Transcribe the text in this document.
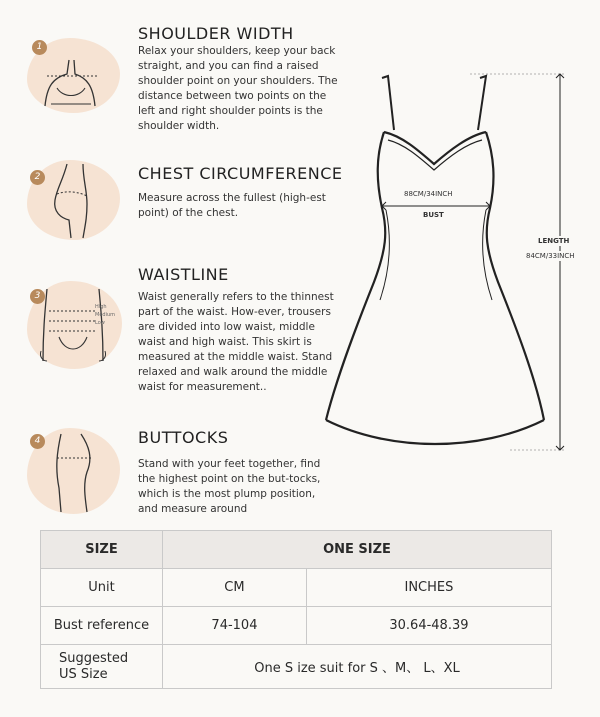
1
SHOULDER WIDTH
Relax your shoulders, keep your back straight, and you can find a raised shoulder point on your shoulders. The distance between two points on the left and right shoulder points is the shoulder width.
2	CHEST CIRCUMFERENCE
Measure across the fullest (high-est point) of the chest.
High
Medium
Low
3
WAISTLINE
Waist generally refers to the thinnest part of the waist. How-ever, trousers are divided into low waist, middle waist and high waist. This skirt is measured at the middle waist. Stand relaxed and walk around the middle waist for measurement..
4	BUTTOCKS
Stand with your feet together, find the highest point on the but-tocks, which is the most plump position, and measure around
88CM/34INCH
BUST
LENGTH
84CM/33INCH
SIZE	ONE SIZE	
Unit	CM	INCHES
Bust reference	74-104	30.64-48.39

Suggested
US Size	One S ize suit for S 、M、 L、XL	
